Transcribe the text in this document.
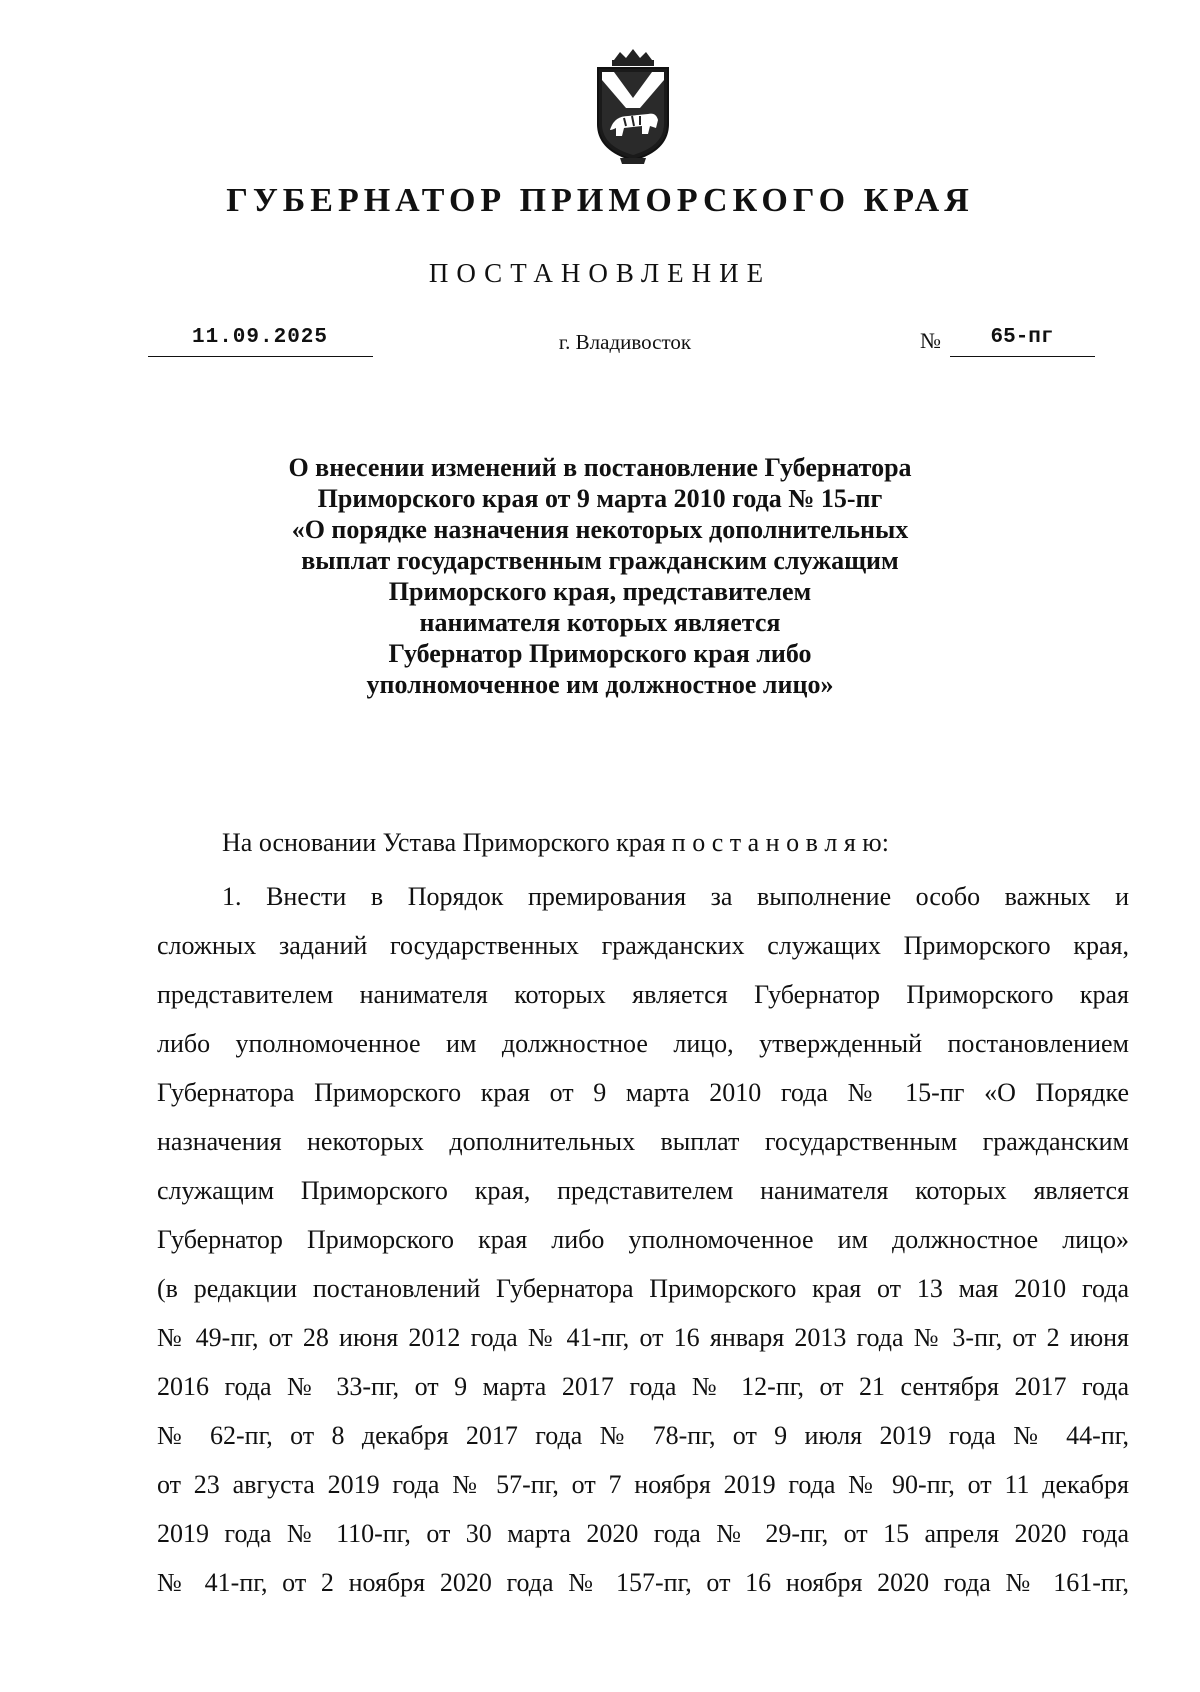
ГУБЕРНАТОР ПРИМОРСКОГО КРАЯ
ПОСТАНОВЛЕНИЕ
11.09.2025	г. Владивосток	№	65-пг
О внесении изменений в постановление Губернатора
Приморского края от 9 марта 2010 года № 15-пг
«О порядке назначения некоторых дополнительных
выплат государственным гражданским служащим
Приморского края, представителем
нанимателя которых является
Губернатор Приморского края либо
уполномоченное им должностное лицо»
На основании Устава Приморского края п о с т а н о в л я ю:
1. Внести в Порядок премирования за выполнение особо важных и
сложных заданий государственных гражданских служащих Приморского края,
представителем нанимателя которых является Губернатор Приморского края
либо уполномоченное им должностное лицо, утвержденный постановлением
Губернатора Приморского края от 9 марта 2010 года № 15-пг «О Порядке
назначения некоторых дополнительных выплат государственным гражданским
служащим Приморского края, представителем нанимателя которых является
Губернатор Приморского края либо уполномоченное им должностное лицо»
(в редакции постановлений Губернатора Приморского края от 13 мая 2010 года
№ 49-пг, от 28 июня 2012 года № 41-пг, от 16 января 2013 года № 3-пг, от 2 июня
2016 года № 33-пг, от 9 марта 2017 года № 12-пг, от 21 сентября 2017 года
№ 62-пг, от 8 декабря 2017 года № 78-пг, от 9 июля 2019 года № 44-пг,
от 23 августа 2019 года № 57-пг, от 7 ноября 2019 года № 90-пг, от 11 декабря
2019 года № 110-пг, от 30 марта 2020 года № 29-пг, от 15 апреля 2020 года
№ 41-пг, от 2 ноября 2020 года № 157-пг, от 16 ноября 2020 года № 161-пг,
